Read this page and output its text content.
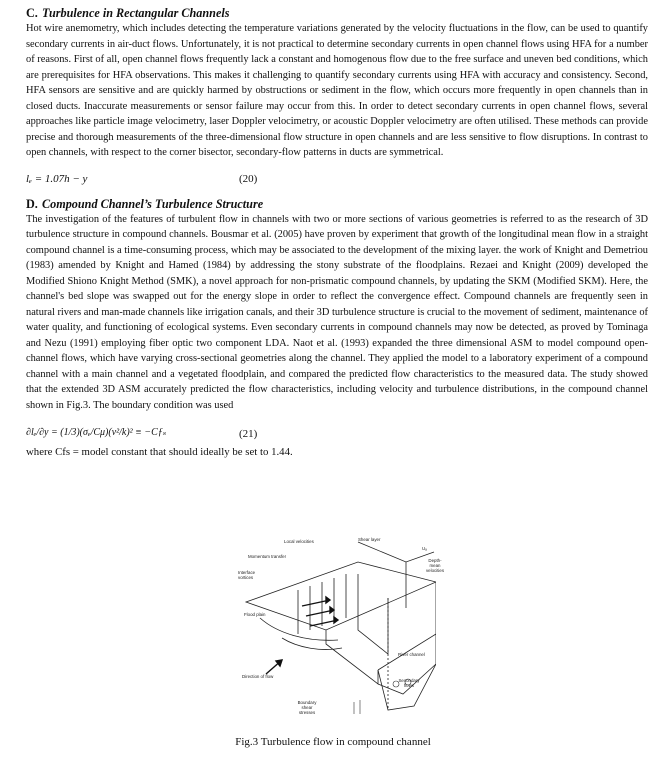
C. Turbulence in Rectangular Channels

Hot wire anemometry, which includes detecting the temperature variations generated by the velocity fluctuations in the flow, can be used to quantify secondary currents in air-duct flows. Unfortunately, it is not practical to determine secondary currents in open channel flows using HFA for a number of reasons. First of all, open channel flows frequently lack a constant and homogenous flow due to the free surface and uneven bed conditions, which are prerequisites for HFA observations. This makes it challenging to quantify secondary currents using HFA with accuracy and consistency. Second, HFA sensors are sensitive and are quickly harmed by obstructions or sediment in the flow, which occurs more frequently in open channels than in closed ducts. Inaccurate measurements or sensor failure may occur from this. In order to detect secondary currents in open channel flows, several approaches like particle image velocimetry, laser Doppler velocimetry, or acoustic Doppler velocimetry are often utilised. These methods can provide precise and thorough measurements of the three-dimensional flow structure in open channels and are less sensitive to flow disruptions. In contrast to open channels, with respect to the corner bisector, secondary-flow patterns in ducts are symmetrical.

lₑ = 1.07h − y	(20)
D. Compound Channel’s Turbulence Structure

The investigation of the features of turbulent flow in channels with two or more sections of various geometries is referred to as the research of 3D turbulence structure in compound channels. Bousmar et al. (2005) have proven by experiment that growth of the longitudinal mean flow in a straight compound channel is a time-consuming process, which may be associated to the development of the mixing layer. the work of Knight and Demetriou (1983) amended by Knight and Hamed (1984) by addressing the stony substrate of the floodplains. Rezaei and Knight (2009) developed the Modified Shiono Knight Method (SMK), a novel approach for non-prismatic compound channels, by updating the SKM (Modified SKM). Here, the channel's bed slope was swapped out for the energy slope in order to reflect the convergence effect. Compound channels are frequently seen in natural rivers and man-made channels like irrigation canals, and their 3D turbulence structure is crucial to the movement of sediment, maintenance of water quality, and functioning of ecological systems. Even secondary currents in compound channels may now be detected, as proved by Tominaga and Nezu (1991) employing fiber optic two component LDA. Naot et al. (1993) expanded the three dimensional ASM to model compound open-channel flows, which have varying cross-sectional geometries along the channel. They applied the model to a laboratory experiment of a compound channel with a main channel and a vegetated floodplain, and compared the predicted flow characteristics to the measured data. The study showed that the extended 3D ASM accurately predicted the flow characteristics, including velocity and turbulence distributions, in the compound channel shown in Fig.3. The boundary condition was used

∂lₑ/∂y = (1/3)(σₑ/Cμ)(v²/k)² ≡ −Cƒₛ	(21)

where Cfs = model constant that should ideally be set to 1.44.

Local velocities	Shear layer
Uₐ
Momentum transfer
Depth-mean velocities
Interface vortices
Flood plain
River channel
Direction of flow
Secondary flows
Boundary shear stresses
Fig.3 Turbulence flow in compound channel
